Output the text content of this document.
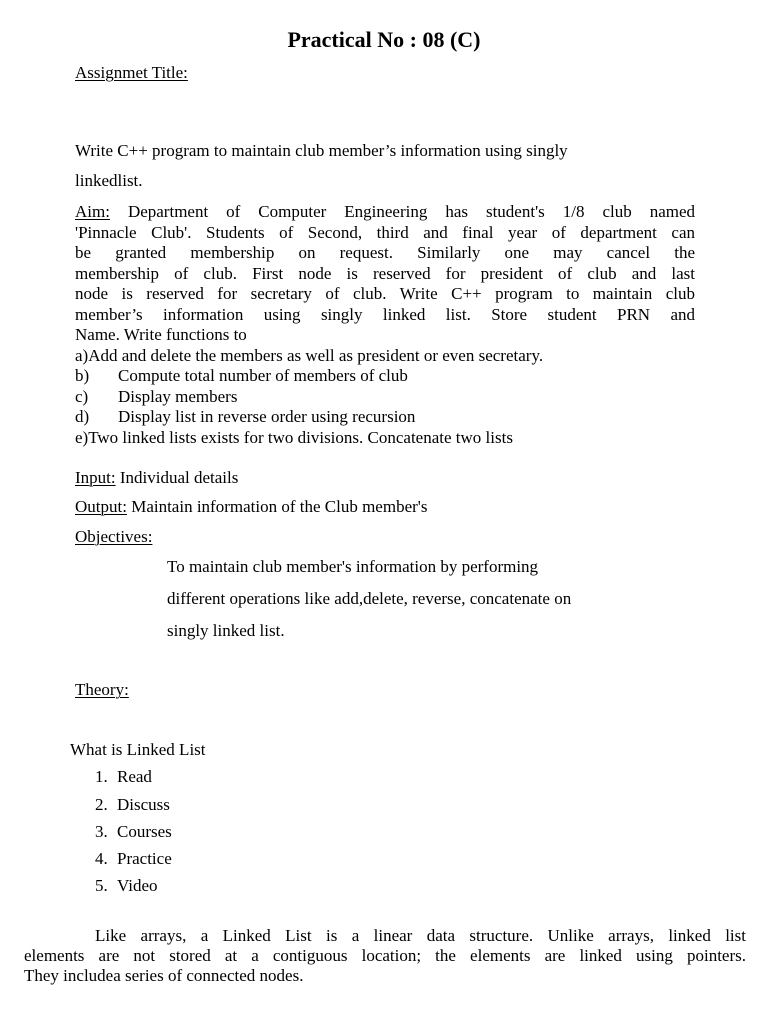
Practical No : 08 (C)
Assignmet Title:
Write C++ program to maintain club member’s information using singly
linkedlist.
Aim: Department of Computer Engineering has student's 1/8 club named
'Pinnacle Club'. Students of Second, third and final year of department can
be granted membership on request. Similarly one may cancel the
membership of club. First node is reserved for president of club and last
node is reserved for secretary of club. Write C++ program to maintain club
member’s information using singly linked list. Store student PRN and
Name. Write functions to
a)Add and delete the members as well as president or even secretary.
b) Compute total number of members of club
c) Display members
d) Display list in reverse order using recursion
e)Two linked lists exists for two divisions. Concatenate two lists
Input: Individual details
Output: Maintain information of the Club member's
Objectives:
To maintain club member's information by performing
different operations like add,delete, reverse, concatenate on
singly linked list.
Theory:
What is Linked List
1. Read
2. Discuss
3. Courses
4. Practice
5. Video
Like arrays, a Linked List is a linear data structure. Unlike arrays, linked list
elements are not stored at a contiguous location; the elements are linked using pointers.
They includea series of connected nodes.
